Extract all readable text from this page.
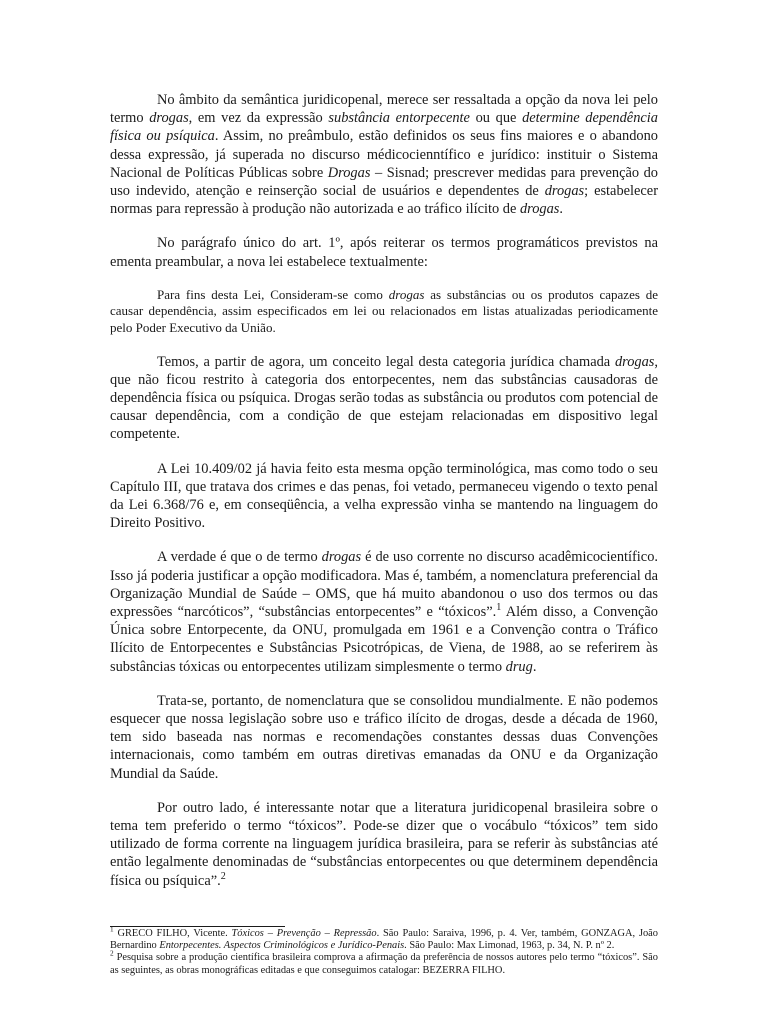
No âmbito da semântica juridicopenal, merece ser ressaltada a opção da nova lei pelo termo drogas, em vez da expressão substância entorpecente ou que determine dependência física ou psíquica. Assim, no preâmbulo, estão definidos os seus fins maiores e o abandono dessa expressão, já superada no discurso médicocienntífico e jurídico: instituir o Sistema Nacional de Políticas Públicas sobre Drogas – Sisnad; prescrever medidas para prevenção do uso indevido, atenção e reinserção social de usuários e dependentes de drogas; estabelecer normas para repressão à produção não autorizada e ao tráfico ilícito de drogas.

No parágrafo único do art. 1º, após reiterar os termos programáticos previstos na ementa preambular, a nova lei estabelece textualmente:

Para fins desta Lei, Consideram-se como drogas as substâncias ou os produtos capazes de causar dependência, assim especificados em lei ou relacionados em listas atualizadas periodicamente pelo Poder Executivo da União.

Temos, a partir de agora, um conceito legal desta categoria jurídica chamada drogas, que não ficou restrito à categoria dos entorpecentes, nem das substâncias causadoras de dependência física ou psíquica. Drogas serão todas as substância ou produtos com potencial de causar dependência, com a condição de que estejam relacionadas em dispositivo legal competente.

A Lei 10.409/02 já havia feito esta mesma opção terminológica, mas como todo o seu Capítulo III, que tratava dos crimes e das penas, foi vetado, permaneceu vigendo o texto penal da Lei 6.368/76 e, em conseqüência, a velha expressão vinha se mantendo na linguagem do Direito Positivo.

A verdade é que o de termo drogas é de uso corrente no discurso acadêmicocientífico. Isso já poderia justificar a opção modificadora. Mas é, também, a nomenclatura preferencial da Organização Mundial de Saúde – OMS, que há muito abandonou o uso dos termos ou das expressões “narcóticos”, “substâncias entorpecentes” e “tóxicos”.$^1$ Além disso, a Convenção Única sobre Entorpecente, da ONU, promulgada em 1961 e a Convenção contra o Tráfico Ilícito de Entorpecentes e Substâncias Psicotrópicas, de Viena, de 1988, ao se referirem às substâncias tóxicas ou entorpecentes utilizam simplesmente o termo drug.

Trata-se, portanto, de nomenclatura que se consolidou mundialmente. E não podemos esquecer que nossa legislação sobre uso e tráfico ilícito de drogas, desde a década de 1960, tem sido baseada nas normas e recomendações constantes dessas duas Convenções internacionais, como também em outras diretivas emanadas da ONU e da Organização Mundial da Saúde.

Por outro lado, é interessante notar que a literatura juridicopenal brasileira sobre o tema tem preferido o termo “tóxicos”. Pode-se dizer que o vocábulo “tóxicos” tem sido utilizado de forma corrente na linguagem jurídica brasileira, para se referir às substâncias até então legalmente denominadas de “substâncias entorpecentes ou que determinem dependência física ou psíquica”.$^2$

$^1$ GRECO FILHO, Vicente. Tóxicos – Prevenção – Repressão. São Paulo: Saraiva, 1996, p. 4. Ver, também, GONZAGA, João Bernardino Entorpecentes. Aspectos Criminológicos e Jurídico-Penais. São Paulo: Max Limonad, 1963, p. 34, N. P. nº 2.

$^2$ Pesquisa sobre a produção científica brasileira comprova a afirmação da preferência de nossos autores pelo termo “tóxicos”. São as seguintes, as obras monográficas editadas e que conseguimos catalogar: BEZERRA FILHO.
